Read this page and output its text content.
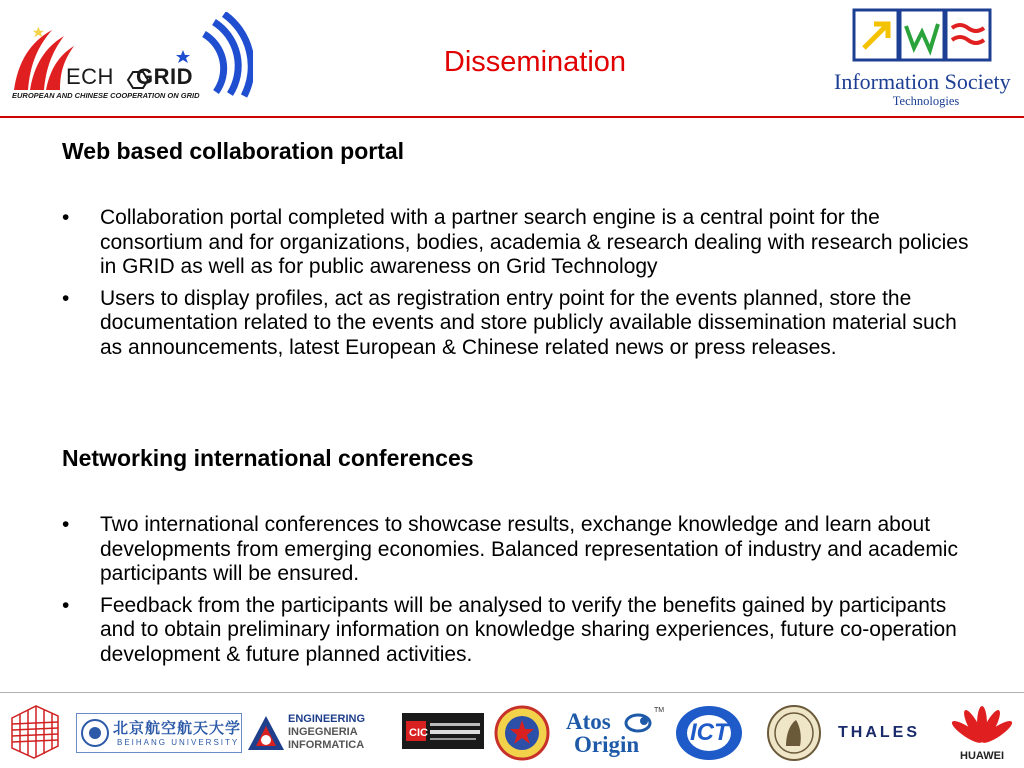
ECH GRID
EUROPEAN AND CHINESE COOPERATION ON GRID
Dissemination
Information Society
Technologies
Web based collaboration portal
• Collaboration portal completed with a partner search engine is a central point for the consortium and for organizations, bodies, academia & research dealing with research policies in GRID as well as for public awareness on Grid Technology
• Users to display profiles, act as registration entry point for the events planned, store the documentation related to the events and store publicly available dissemination material such as announcements, latest European & Chinese related news or press releases.
Networking international conferences
• Two international conferences to showcase results, exchange knowledge and learn about developments from emerging economies. Balanced representation of industry and academic participants will be ensured.
• Feedback from the participants will be analysed to verify the benefits gained by participants and to obtain preliminary information on knowledge sharing experiences, future co-operation development & future planned activities.
北京航空航天大学
BEIHANG UNIVERSITY
ENGINEERING
INGEGNERIA
INFORMATICA
CIC	Atos
Origin
TM
ICT	THALES
HUAWEI
